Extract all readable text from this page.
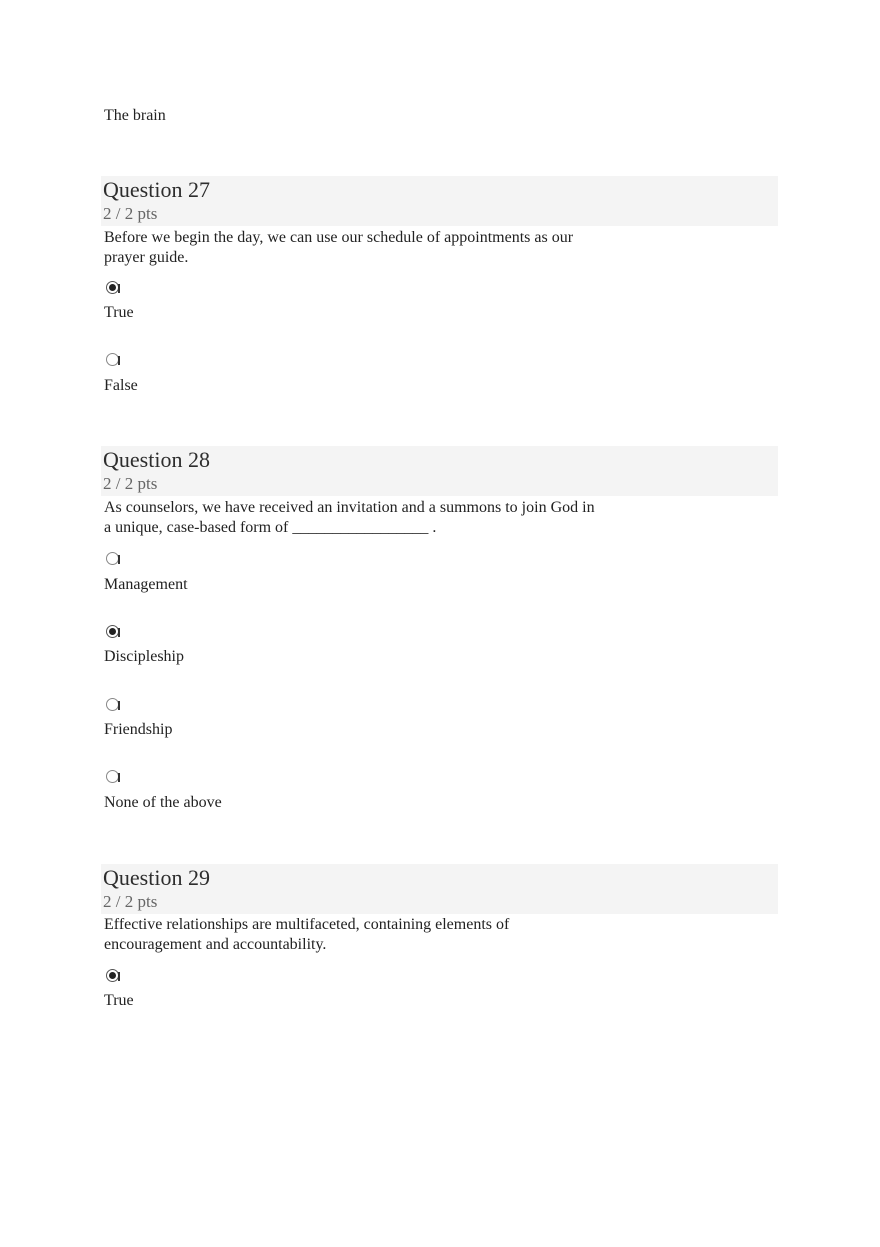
The brain
Question 27
2 / 2 pts
Before we begin the day, we can use our schedule of appointments as our
prayer guide.
True
False
Question 28
2 / 2 pts
As counselors, we have received an invitation and a summons to join God in
a unique, case-based form of _________________ .
Management
Discipleship
Friendship
None of the above
Question 29
2 / 2 pts
Effective relationships are multifaceted, containing elements of
encouragement and accountability.
True
